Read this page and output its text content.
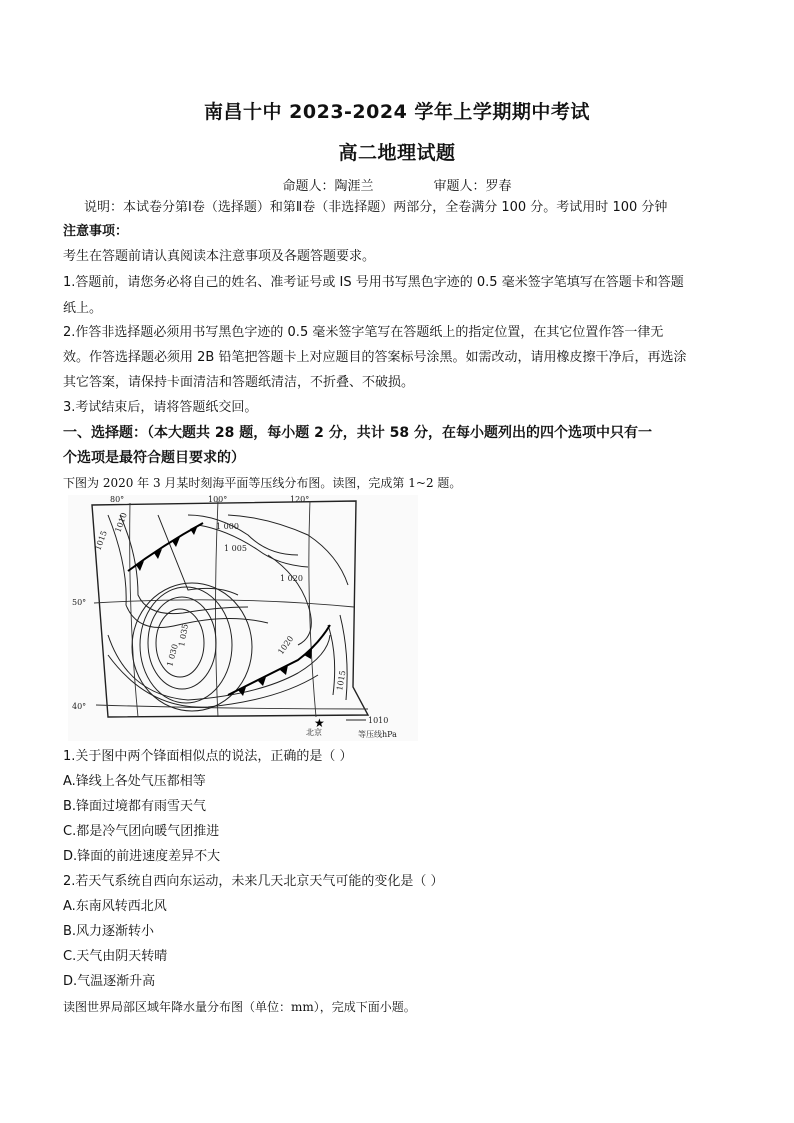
南昌十中 2023-2024 学年上学期期中考试
高二地理试题
命题人：陶涯兰	审题人：罗春
说明：本试卷分第Ⅰ卷（选择题）和第Ⅱ卷（非选择题）两部分，全卷满分 100 分。考试用时 100 分钟
注意事项：
考生在答题前请认真阅读本注意事项及各题答题要求。
1.答题前，请您务必将自己的姓名、准考证号或 IS 号用书写黑色字迹的 0.5 毫米签字笔填写在答题卡和答题
纸上。
2.作答非选择题必须用书写黑色字迹的 0.5 毫米签字笔写在答题纸上的指定位置，在其它位置作答一律无
效。作答选择题必须用 2B 铅笔把答题卡上对应题目的答案标号涂黑。如需改动，请用橡皮擦干净后，再选涂
其它答案，请保持卡面清洁和答题纸清洁，不折叠、不破损。
3.考试结束后，请将答题纸交回。
一、选择题：（本大题共 28 题，每小题 2 分，共计 58 分，在每小题列出的四个选项中只有一
个选项是最符合题目要求的）
下图为 2020 年 3 月某时刻海平面等压线分布图。读图，完成第 1~2 题。
80°	100°	120°
50°
40°
1 000
1 005
1010
1015
1 020
1 030
1 035	1020
1015
1010
等压线hPa
北京
★
1.关于图中两个锋面相似点的说法，正确的是（ ）
A.锋线上各处气压都相等
B.锋面过境都有雨雪天气
C.都是冷气团向暖气团推进
D.锋面的前进速度差异不大
2.若天气系统自西向东运动，未来几天北京天气可能的变化是（ ）
A.东南风转西北风
B.风力逐渐转小
C.天气由阴天转晴
D.气温逐渐升高
读图世界局部区域年降水量分布图（单位：mm），完成下面小题。
